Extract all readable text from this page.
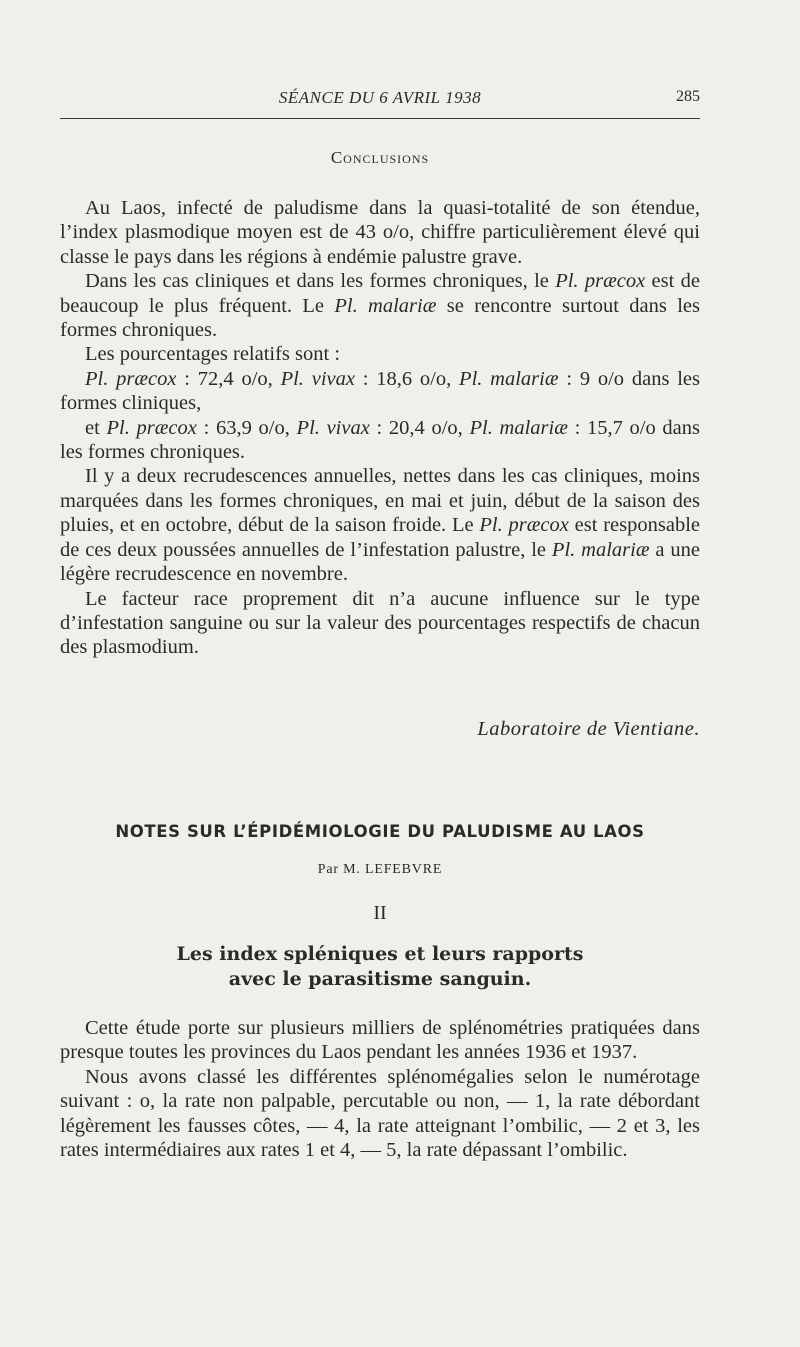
SÉANCE DU 6 AVRIL 1938	285
Conclusions

Au Laos, infecté de paludisme dans la quasi-totalité de son étendue, l’index plasmodique moyen est de 43 o/o, chiffre particulièrement élevé qui classe le pays dans les régions à endémie palustre grave.

Dans les cas cliniques et dans les formes chroniques, le Pl. præcox est de beaucoup le plus fréquent. Le Pl. malariæ se rencontre surtout dans les formes chroniques.

Les pourcentages relatifs sont :

Pl. præcox : 72,4 o/o, Pl. vivax : 18,6 o/o, Pl. malariæ : 9 o/o dans les formes cliniques,

et Pl. præcox : 63,9 o/o, Pl. vivax : 20,4 o/o, Pl. malariæ : 15,7 o/o dans les formes chroniques.

Il y a deux recrudescences annuelles, nettes dans les cas cliniques, moins marquées dans les formes chroniques, en mai et juin, début de la saison des pluies, et en octobre, début de la saison froide. Le Pl. præcox est responsable de ces deux poussées annuelles de l’infestation palustre, le Pl. malariæ a une légère recrudescence en novembre.

Le facteur race proprement dit n’a aucune influence sur le type d’infestation sanguine ou sur la valeur des pourcentages respectifs de chacun des plasmodium.

Laboratoire de Vientiane.
NOTES SUR L’ÉPIDÉMIOLOGIE DU PALUDISME AU LAOS
Par M. LEFEBVRE
II
Les index spléniques et leurs rapports
avec le parasitisme sanguin.

Cette étude porte sur plusieurs milliers de splénométries pratiquées dans presque toutes les provinces du Laos pendant les années 1936 et 1937.

Nous avons classé les différentes splénomégalies selon le numérotage suivant : o, la rate non palpable, percutable ou non, — 1, la rate débordant légèrement les fausses côtes, — 4, la rate atteignant l’ombilic, — 2 et 3, les rates intermédiaires aux rates 1 et 4, — 5, la rate dépassant l’ombilic.
